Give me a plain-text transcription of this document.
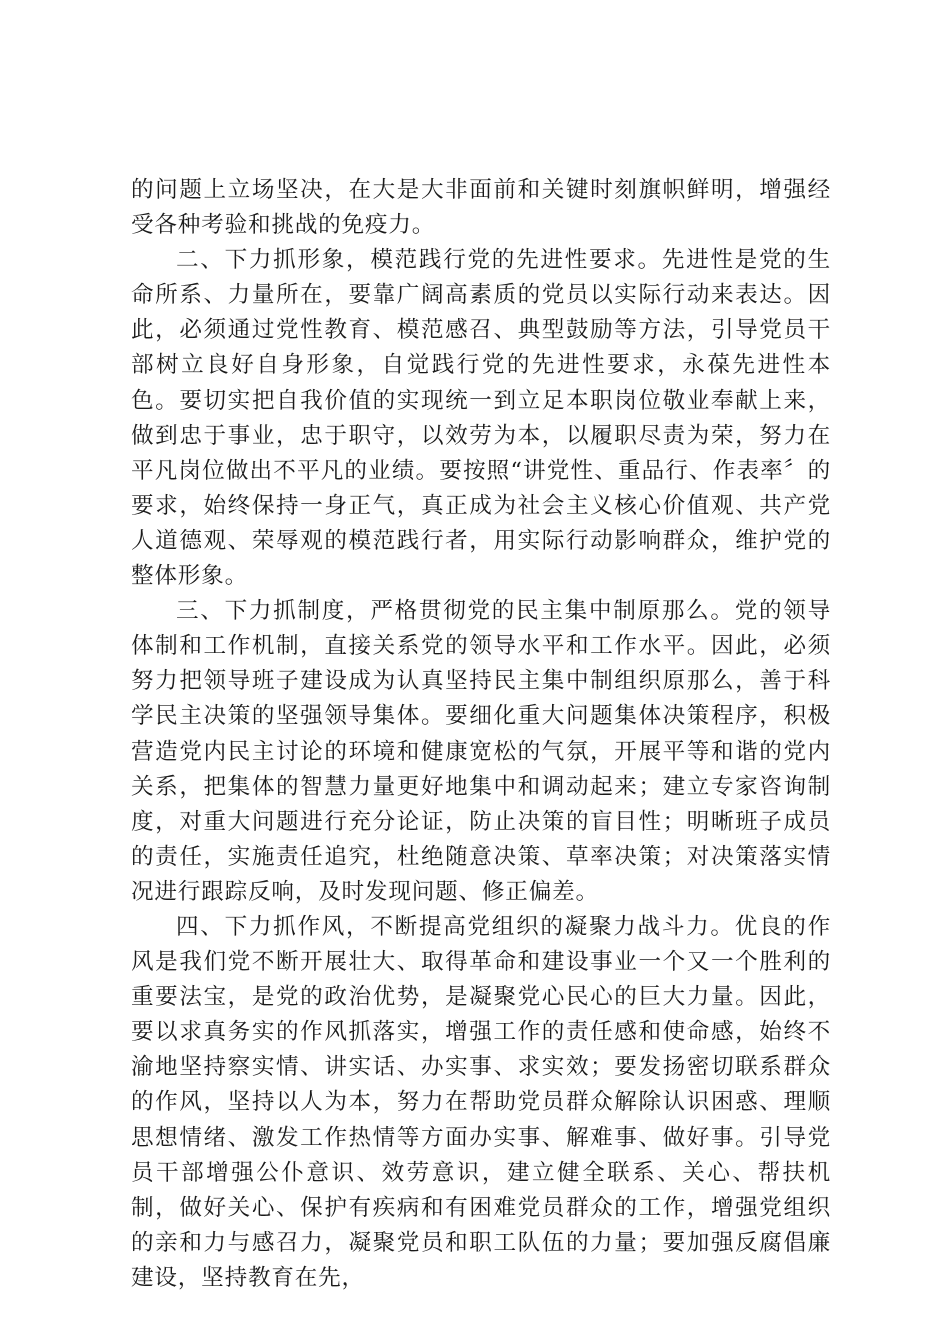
的问题上立场坚决，在大是大非面前和关键时刻旗帜鲜明，增强经受各种考验和挑战的免疫力。

二、下力抓形象，模范践行党的先进性要求。先进性是党的生命所系、力量所在，要靠广阔高素质的党员以实际行动来表达。因此，必须通过党性教育、模范感召、典型鼓励等方法，引导党员干部树立良好自身形象，自觉践行党的先进性要求，永葆先进性本色。要切实把自我价值的实现统一到立足本职岗位敬业奉献上来，做到忠于事业，忠于职守，以效劳为本，以履职尽责为荣，努力在平凡岗位做出不平凡的业绩。要按照“讲党性、重品行、作表率〞的要求，始终保持一身正气，真正成为社会主义核心价值观、共产党人道德观、荣辱观的模范践行者，用实际行动影响群众，维护党的整体形象。

三、下力抓制度，严格贯彻党的民主集中制原那么。党的领导体制和工作机制，直接关系党的领导水平和工作水平。因此，必须努力把领导班子建设成为认真坚持民主集中制组织原那么，善于科学民主决策的坚强领导集体。要细化重大问题集体决策程序，积极营造党内民主讨论的环境和健康宽松的气氛，开展平等和谐的党内关系，把集体的智慧力量更好地集中和调动起来；建立专家咨询制度，对重大问题进行充分论证，防止决策的盲目性；明晰班子成员的责任，实施责任追究，杜绝随意决策、草率决策；对决策落实情况进行跟踪反响，及时发现问题、修正偏差。

四、下力抓作风，不断提高党组织的凝聚力战斗力。优良的作风是我们党不断开展壮大、取得革命和建设事业一个又一个胜利的重要法宝，是党的政治优势，是凝聚党心民心的巨大力量。因此，要以求真务实的作风抓落实，增强工作的责任感和使命感，始终不渝地坚持察实情、讲实话、办实事、求实效；要发扬密切联系群众的作风，坚持以人为本，努力在帮助党员群众解除认识困惑、理顺思想情绪、激发工作热情等方面办实事、解难事、做好事。引导党员干部增强公仆意识、效劳意识，建立健全联系、关心、帮扶机制，做好关心、保护有疾病和有困难党员群众的工作，增强党组织的亲和力与感召力，凝聚党员和职工队伍的力量；要加强反腐倡廉建设，坚持教育在先，
